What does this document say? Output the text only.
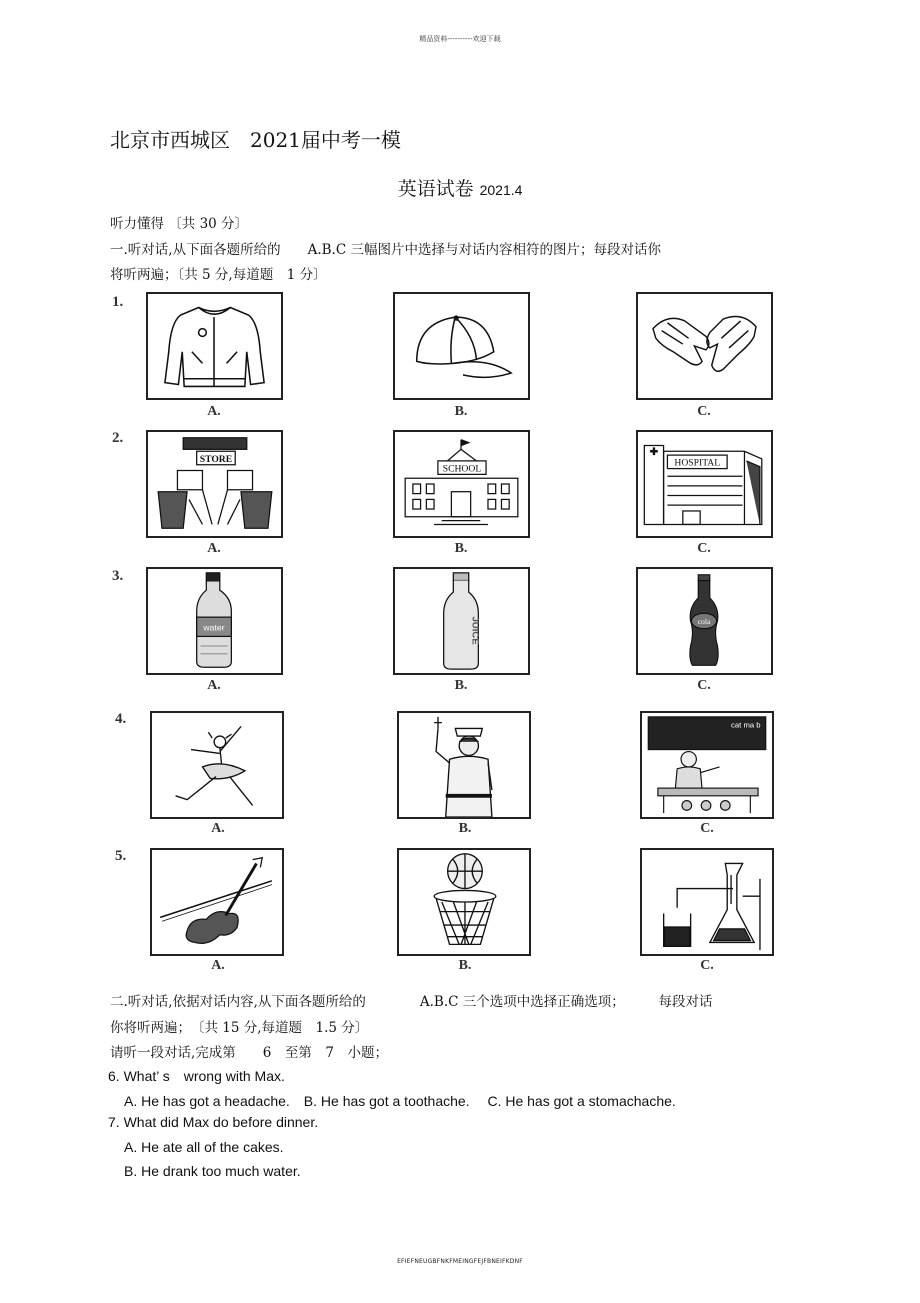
精品资料----------欢迎下载
北京市西城区　2021届中考一模
英语试卷 2021.4
听力懂得 〔共 30 分〕
一.听对话,从下面各题所给的　　A.B.C 三幅图片中选择与对话内容相符的图片；每段对话你
将听两遍；〔共 5 分,每道题　1 分〕
1.
A.	B.	C.
2.
STORE
A.
SCHOOL
B.
HOSPITAL
C.
3.
water
A.
JUICE
B.
cola
C.
4.
A.	B.
cat ma b
C.
5.
A.	B.	C.
二.听对话,依据对话内容,从下面各题所给的　　　　A.B.C 三个选项中选择正确选项；　　　每段对话
你将听两遍；　〔共 15 分,每道题　1.5 分〕
请听一段对话,完成第　　6　至第　7　小题；
6. What’ s　wrong with Max.
A. He has got a headache.　B. He has got a toothache.　 C. He has got a stomachache.
7. What did Max do before dinner.
A. He ate all of the cakes.
B. He drank too much water.
EFIEFNEUGBFNKFMEINGFEJFBNEIFKDNF
